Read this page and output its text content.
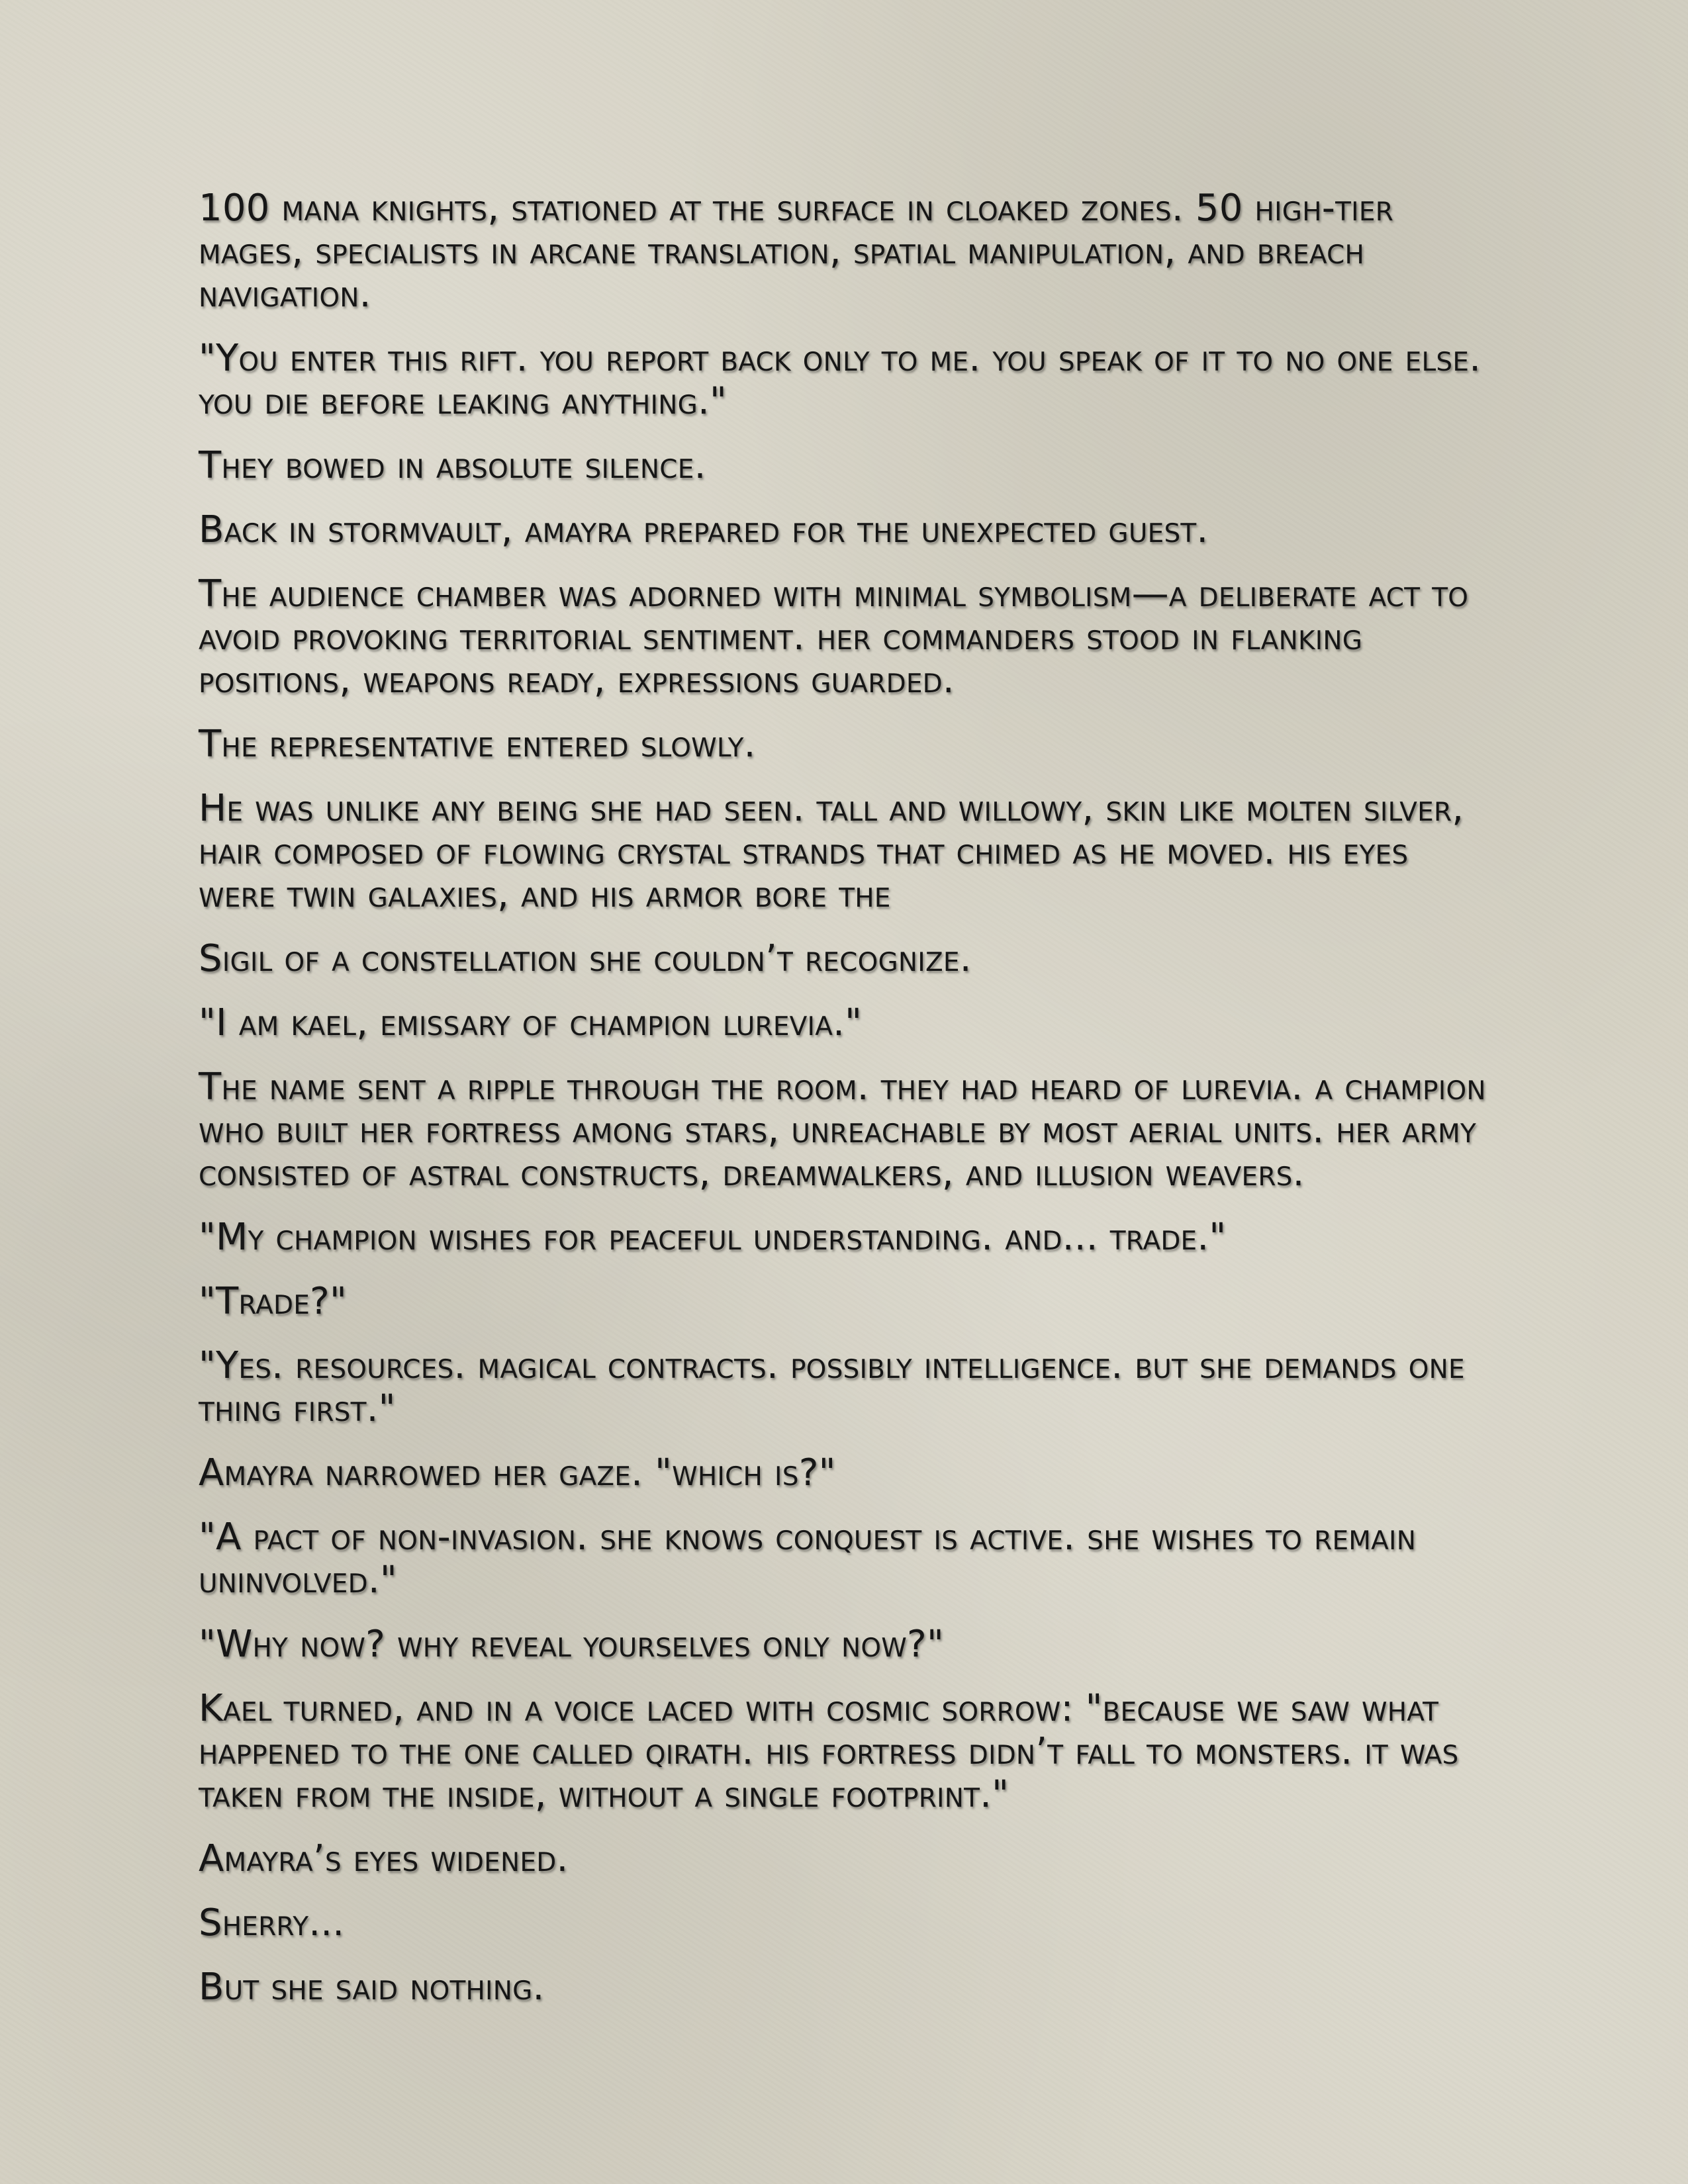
100 mana knights, stationed at the surface in cloaked zones. 50 high-tier mages, specialists in arcane translation, spatial manipulation, and breach navigation.

"You enter this rift. you report back only to me. you speak of it to no one else. you die before leaking anything."

They bowed in absolute silence.

Back in stormvault, amayra prepared for the unexpected guest.

The audience chamber was adorned with minimal symbolism—a deliberate act to avoid provoking territorial sentiment. her commanders stood in flanking positions, weapons ready, expressions guarded.

The representative entered slowly.

He was unlike any being she had seen. tall and willowy, skin like molten silver, hair composed of flowing crystal strands that chimed as he moved. his eyes were twin galaxies, and his armor bore the

Sigil of a constellation she couldn’t recognize.

"I am kael, emissary of champion lurevia."

The name sent a ripple through the room. they had heard of lurevia. a champion who built her fortress among stars, unreachable by most aerial units. her army consisted of astral constructs, dreamwalkers, and illusion weavers.

"My champion wishes for peaceful understanding. and... trade."

"Trade?"

"Yes. resources. magical contracts. possibly intelligence. but she demands one thing first."

Amayra narrowed her gaze. "which is?"

"A pact of non-invasion. she knows conquest is active. she wishes to remain uninvolved."

"Why now? why reveal yourselves only now?"

Kael turned, and in a voice laced with cosmic sorrow: "because we saw what happened to the one called qirath. his fortress didn’t fall to monsters. it was taken from the inside, without a single footprint."

Amayra’s eyes widened.

Sherry...

But she said nothing.
